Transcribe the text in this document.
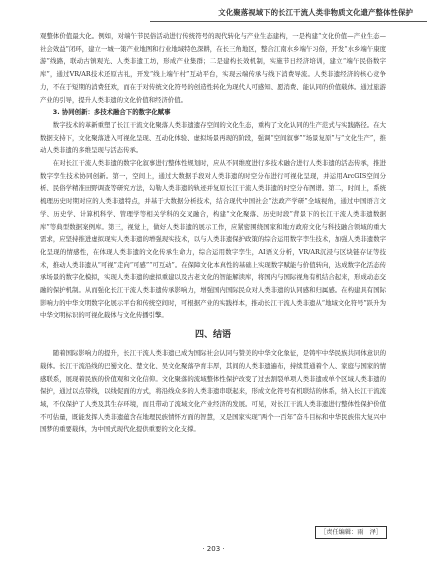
文化聚落视域下的长江干流人类非物质文化遗产整体性保护

观整体价值最大化。例如，对端午节民俗活动进行传统符号的现代转化与产业生态建构，一是构建“文化价值—产业生态—社会效益”闭环，建立一城一策产业地图和行业地域特色深耕，在长三角地区，整合江南水乡端午习俗，开发“水乡端午康度游”线路，联动古镇观光、人类非遗工坊，形成产业集群；二是建构长效机制，实施节日经济培训，建立“端午民俗数字库”，通过VR/AR技术还原古礼，开发“线上端午村”互动平台，实现云端传承与线下消费导流。人类非遗经济的核心竞争力，不在于短期的消费狂欢，而在于对传统文化符号的创造性转化为现代人可感知、愿消费、能认同的价值载体。通过旅游产业的引导，提升人类非遗的文化价值和经济价值。

3. 协同创新：多技术融合下的数字化赋事

数字技术的革新重塑了长江干流文化聚落人类非遗遗存空间的文化生态，重构了文化认同的生产范式与实践路径。在大数据支持下，文化聚落进入可视化呈现、互动化体验、虚拟场景再现的阶段，强调“空间叙事”“场景复原”与“文化生产”，推动人类非遗的多维呈现与活态传承。

在对长江干流人类非遗的数字化叙事进行整体性规划时，应从不同维度进行多技术融合进行人类非遗的活态传承，推进数字孪生技术协同创新。第一，空间上，通过大数据手段对人类非遗的时空分布进行可视化呈现，并运用ArcGIS空间分析、民俗学精准田野调查等研究方法，勾勒人类非遗的轨迹并复原长江干流人类非遗的时空分布图谱。第二，时间上，系统梳理历史时期对应的人类非遗特点，并基于大数据分析技术，结合现代中国社会“法政产学研”全域视角，通过中国语言文学、历史学、计算机科学、管理学等相关学科的交叉融合，构建“文化聚落、历史时段”背景下的长江干流人类非遗数据库”等典型数据案例库。第三，视觉上，做好人类非遗的展示工作，应紧密围绕国家和地方政府文化与科技融合领域的重大需求，应坚持推进虚拟现实人类非遗的增强现实技术，以与人类非遗保护政策的综合运用数字孪生技术，加强人类非遗数字化呈现的情感性，在体现人类非遗的文化传承生命力，综合运用数字孪生，AI语义分析，VR/AR沉浸与区块链存证等技术，推动人类非遗从“可视”走向“可感”“可互动”。在保障文化本真性的基础上实现数字赋能与价值转向，达成数字化活态传承场景的数字化模拟，实现人类非遗的虚拟重建以及古老文化的智能解读库，将国内与国际视角有机结合起来，形成动态交融的保护机制。从而强化长江干流人类非遗传承影响力，增强国内国际民众对人类非遗的认同感和归属感。在构建具有国际影响力的中华文明数字化展示平台和传统空间时，可根据产业的实践样本，推动长江干流人类非遗从“地域文化符号”跃升为中华文明标识的可视化载体与文化传播引擎。

四、结语

随着国际影响力的提升，长江干流人类非遗已成为国际社会认同与赞美的中华文化象征，是铸牢中华民族共同体意识的载体。长江干流沿线的巴蜀文化、楚文化、吴文化聚落孕育丰厚，其间的人类非遗遍布，持续贯通着个人、家庭与国家的情感联系，展现着民族的价值观和文化信仰。文化聚落的流域整体性保护改变了过去割裂单项人类非遗或单个区域人类非遗的保护，通过以点带线，以线促面的方式，将沿线众多的人类非遗串联起来，形成文化符号有机联结的体系，纳入长江干流流域，不仅保护了人类及其生存环境，而且带动了流域文化产业经济的发展。可见，对长江干流人类非遗进行整体性保护价值不可估量，既能发挥人类非遗蕴含在地理民族情怀方面的智慧，又是国家实现“两个一百年”奋斗目标和中华民族伟大复兴中国梦的重要载体，为中国式现代化提供重要的文化支撑。

［责任编辑：雨　泽］
· 203 ·
